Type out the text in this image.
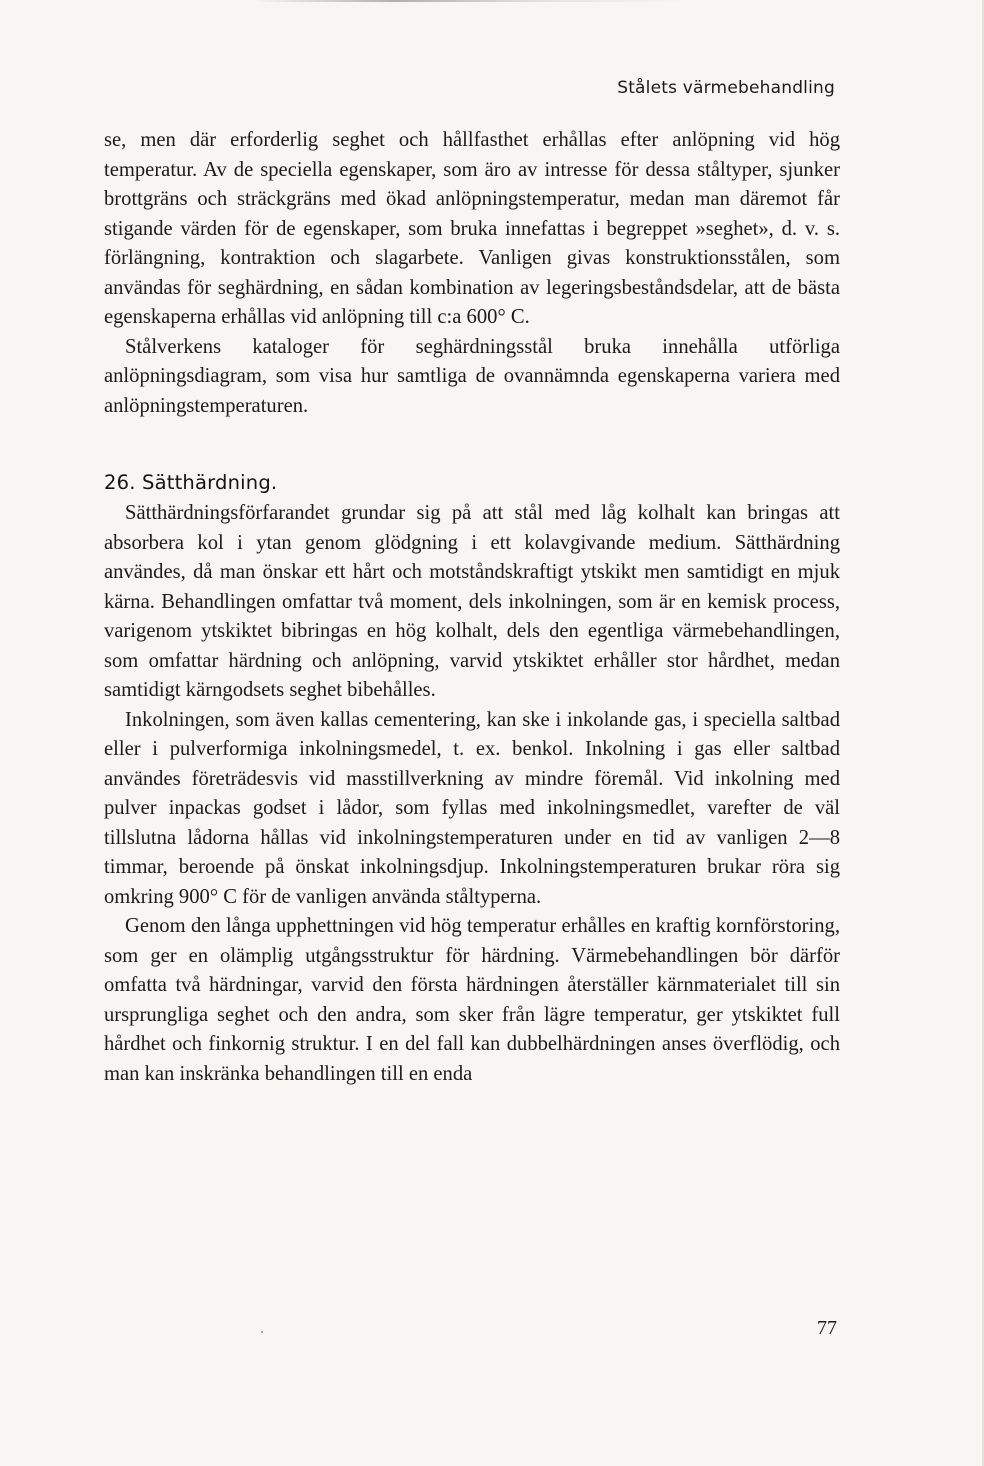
Stålets värmebehandling

se, men där erforderlig seghet och hållfasthet erhållas efter anlöpning vid hög temperatur. Av de speciella egenskaper, som äro av intresse för dessa ståltyper, sjunker brottgräns och sträckgräns med ökad anlöpningstemperatur, medan man däremot får stigande värden för de egenskaper, som bruka innefattas i begreppet »seghet», d. v. s. förlängning, kontraktion och slagarbete. Vanligen givas konstruktionsstålen, som användas för seghärdning, en sådan kombination av legeringsbeståndsdelar, att de bästa egenskaperna erhållas vid anlöpning till c:a 600° C.

Stålverkens kataloger för seghärdningsstål bruka innehålla utförliga anlöpningsdiagram, som visa hur samtliga de ovannämnda egenskaperna variera med anlöpningstemperaturen.

26. Sätthärdning.

Sätthärdningsförfarandet grundar sig på att stål med låg kolhalt kan bringas att absorbera kol i ytan genom glödgning i ett kolavgivande medium. Sätthärdning användes, då man önskar ett hårt och motståndskraftigt ytskikt men samtidigt en mjuk kärna. Behandlingen omfattar två moment, dels inkolningen, som är en kemisk process, varigenom ytskiktet bibringas en hög kolhalt, dels den egentliga värmebehandlingen, som omfattar härdning och anlöpning, varvid ytskiktet erhåller stor hårdhet, medan samtidigt kärngodsets seghet bibehålles.

Inkolningen, som även kallas cementering, kan ske i inkolande gas, i speciella saltbad eller i pulverformiga inkolningsmedel, t. ex. benkol. Inkolning i gas eller saltbad användes företrädesvis vid masstillverkning av mindre föremål. Vid inkolning med pulver inpackas godset i lådor, som fyllas med inkolningsmedlet, varefter de väl tillslutna lådorna hållas vid inkolningstemperaturen under en tid av vanligen 2—8 timmar, beroende på önskat inkolningsdjup. Inkolningstemperaturen brukar röra sig omkring 900° C för de vanligen använda ståltyperna.

Genom den långa upphettningen vid hög temperatur erhålles en kraftig kornförstoring, som ger en olämplig utgångsstruktur för härdning. Värmebehandlingen bör därför omfatta två härdningar, varvid den första härdningen återställer kärnmaterialet till sin ursprungliga seghet och den andra, som sker från lägre temperatur, ger ytskiktet full hårdhet och finkornig struktur. I en del fall kan dubbelhärdningen anses överflödig, och man kan inskränka behandlingen till en enda

77
